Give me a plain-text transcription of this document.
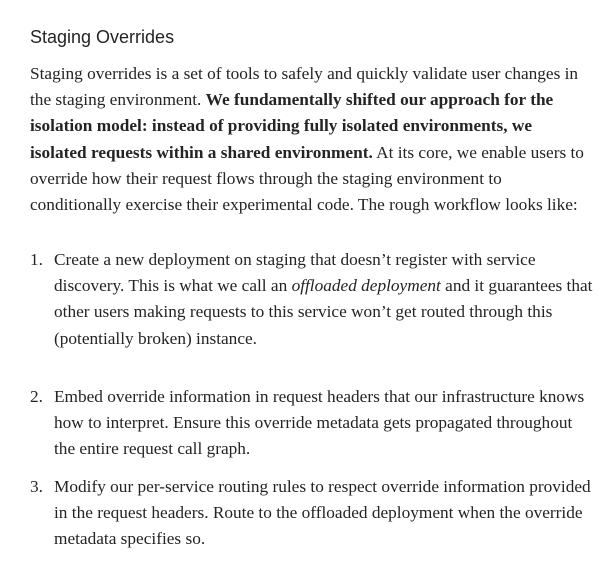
Staging Overrides

Staging overrides is a set of tools to safely and quickly validate user changes in the staging environment. We fundamentally shifted our approach for the isolation model: instead of providing fully isolated environments, we isolated requests within a shared environment. At its core, we enable users to override how their request flows through the staging environment to conditionally exercise their experimental code. The rough workflow looks like:

1. Create a new deployment on staging that doesn’t register with service discovery. This is what we call an offloaded deployment and it guarantees that other users making requests to this service won’t get routed through this (potentially broken) instance.
2. Embed override information in request headers that our infrastructure knows how to interpret. Ensure this override metadata gets propagated throughout the entire request call graph.
3. Modify our per-service routing rules to respect override information provided in the request headers. Route to the offloaded deployment when the override metadata specifies so.
